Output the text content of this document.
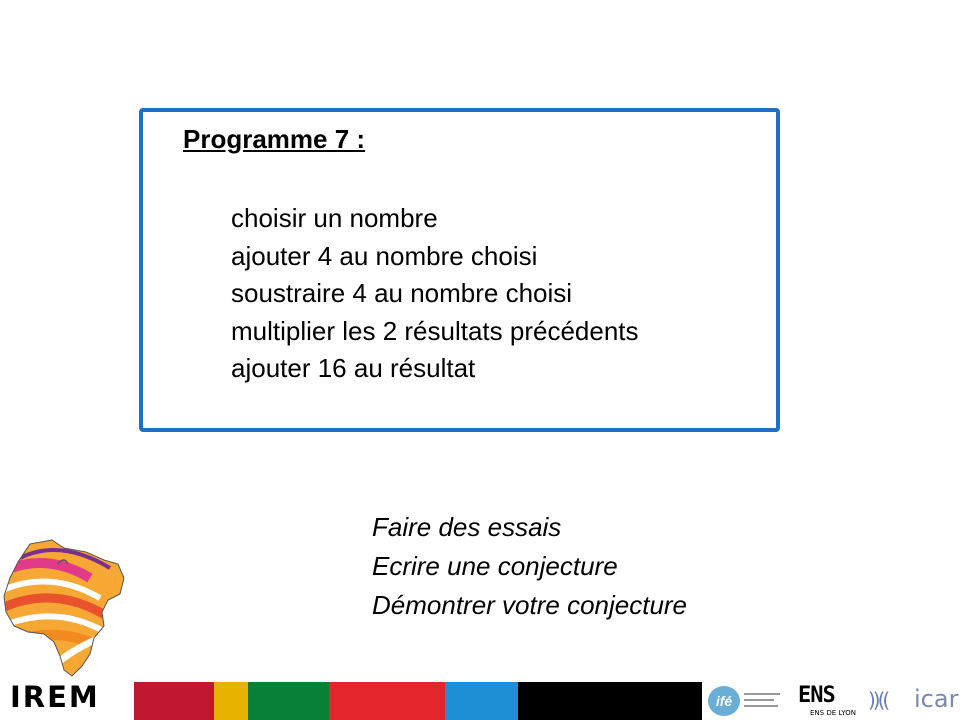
Programme 7 :
choisir un nombre
ajouter 4 au nombre choisi
soustraire 4 au nombre choisi
multiplier les 2 résultats précédents
ajouter 16 au résultat
Faire des essais
Ecrire une conjecture
Démontrer votre conjecture
IREM	ifé	ENS
ENS DE LYON
))(( icar
